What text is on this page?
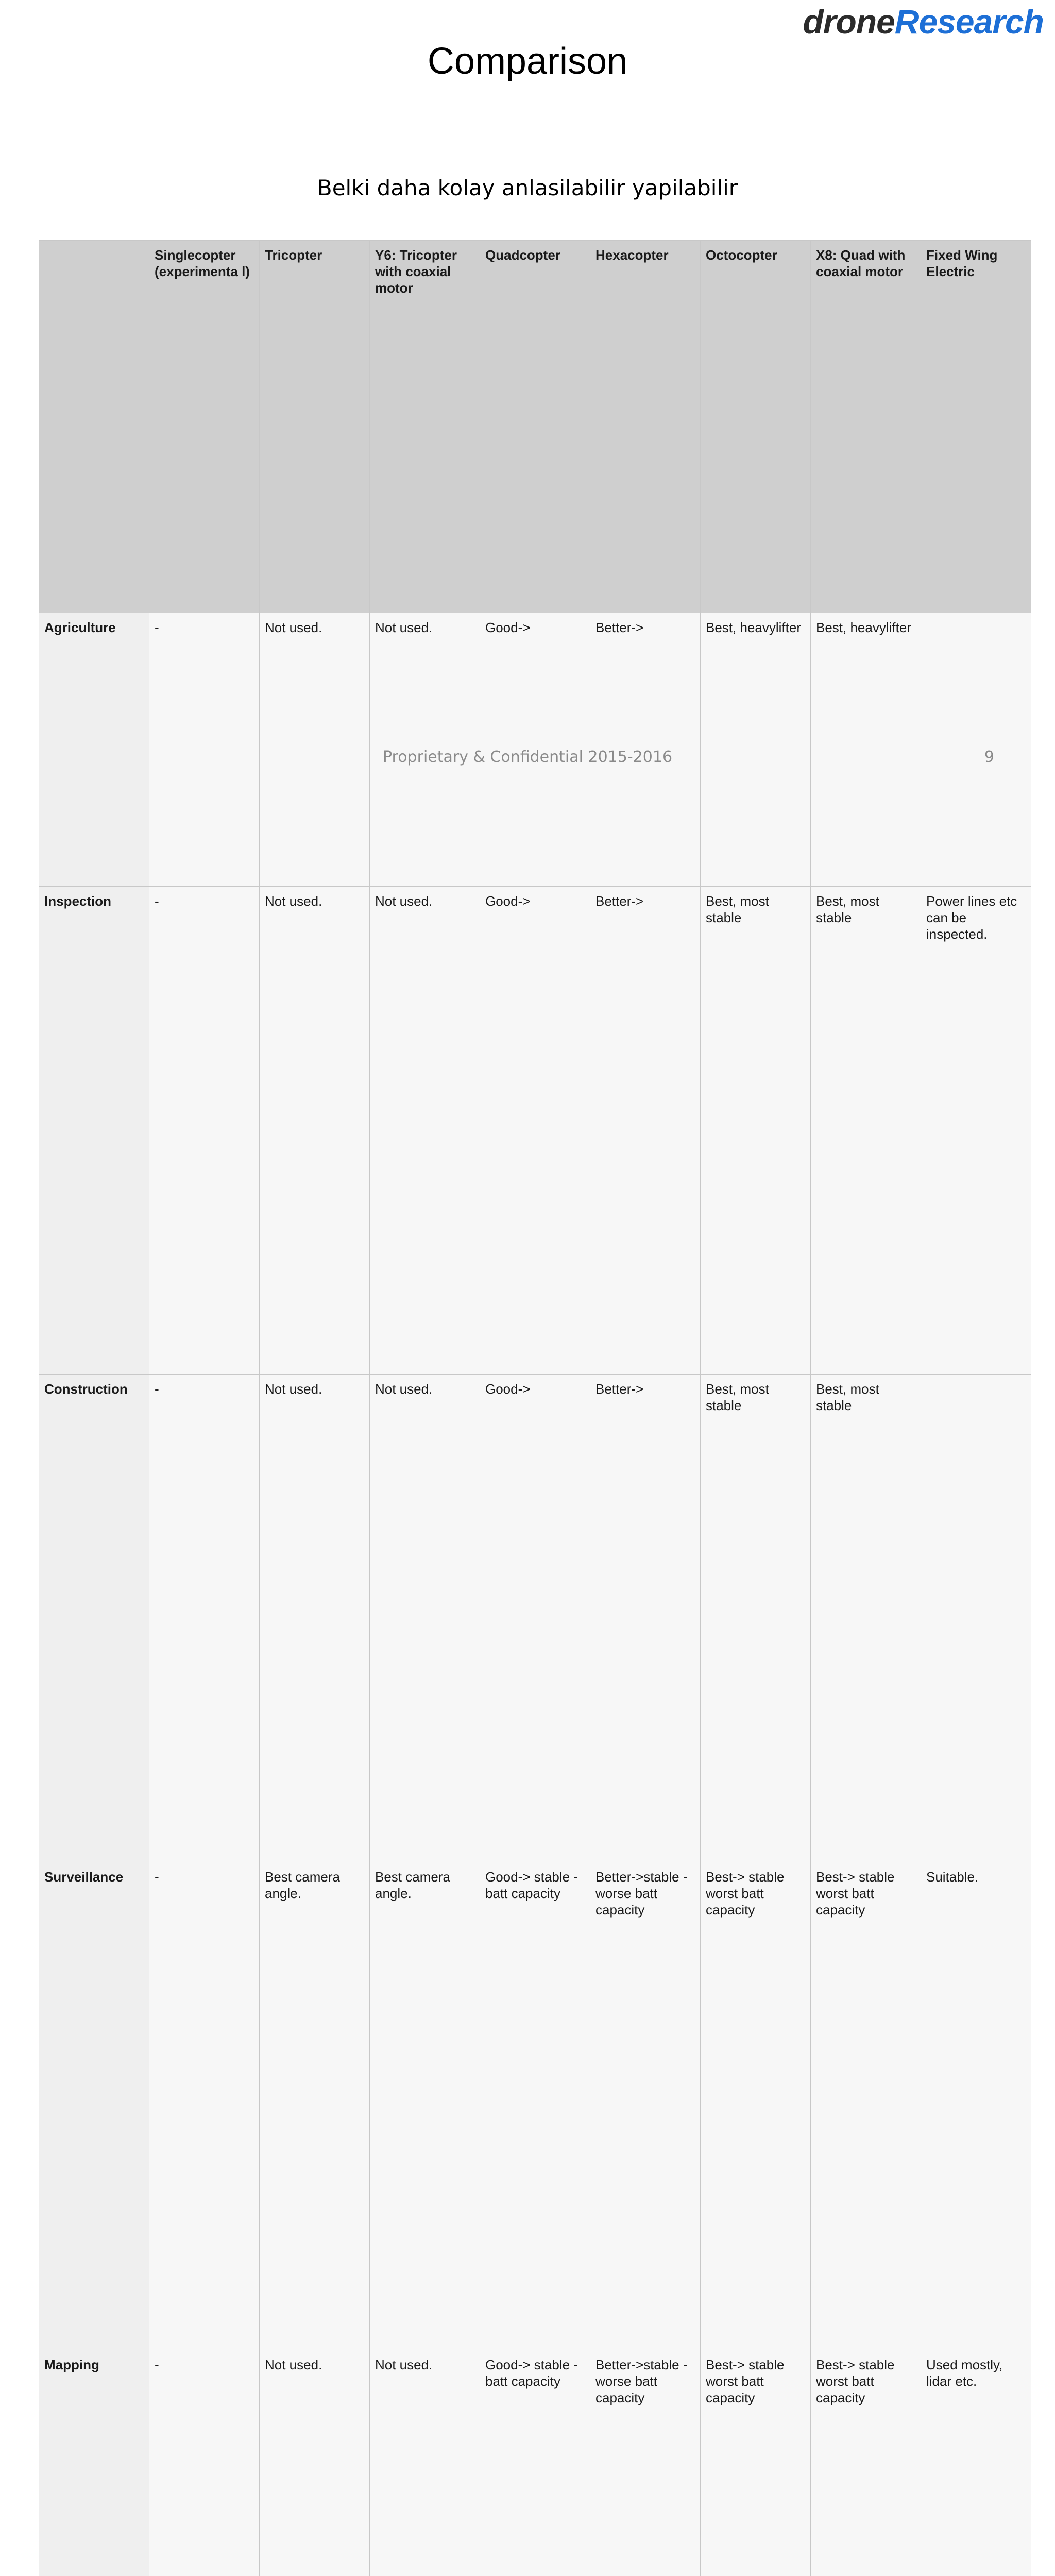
droneResearch
Comparison
Belki daha kolay anlasilabilir yapilabilir
	Singlecopter (experimenta l)	Tricopter	Y6: Tricopter with coaxial motor	Quadcopter	Hexacopter	Octocopter	X8: Quad with coaxial motor	Fixed Wing Electric	
Agriculture	-	Not used.	Not used.	Good->	Better->	Best, heavylifter	Best, heavylifter		
Inspection	-	Not used.	Not used.	Good->	Better->	Best, most stable	Best, most stable	Power lines etc can be inspected.	
Construction	-	Not used.	Not used.	Good->	Better->	Best, most stable	Best, most stable		
Surveillance	-	Best camera angle.	Best camera angle.	Good-> stable - batt capacity	Better->stable - worse batt capacity	Best-> stable worst batt capacity	Best-> stable worst batt capacity	Suitable.	
Mapping	-	Not used.	Not used.	Good-> stable - batt capacity	Better->stable - worse batt capacity	Best-> stable worst batt capacity	Best-> stable worst batt capacity	Used mostly, lidar etc.	
Proprietary & Confidential 2015-2016	9
